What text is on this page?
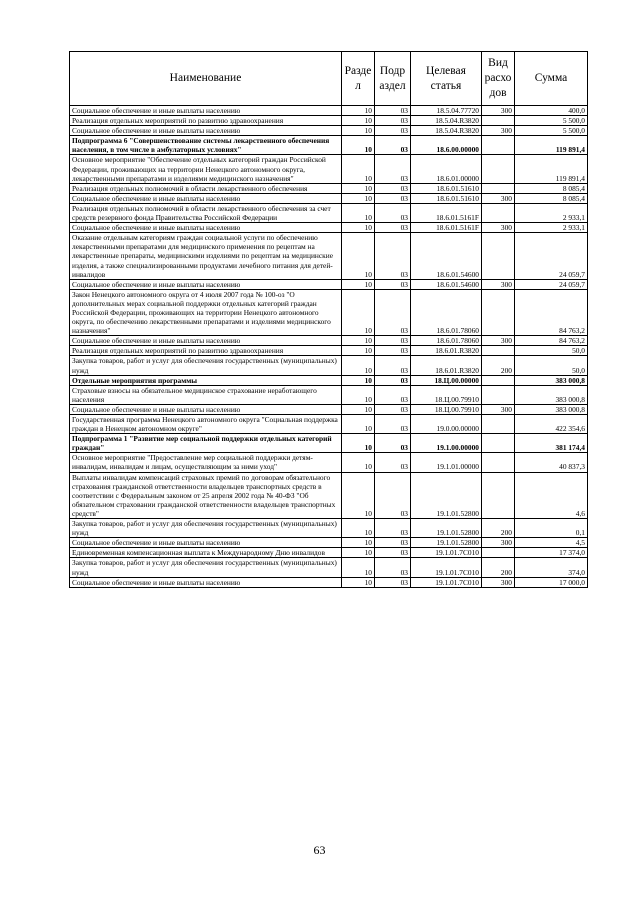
Наименование	Разде л	Подр аздел	Целевая статья	Вид расхо дов	Сумма
Социальное обеспечение и иные выплаты населению	10	03	18.5.04.77720	300	400,0
Реализация отдельных мероприятий по развитию здравоохранения	10	03	18.5.04.R3820		5 500,0
Социальное обеспечение и иные выплаты населению	10	03	18.5.04.R3820	300	5 500,0
Подпрограмма 6 "Совершенствование системы лекарственного обеспечения населения, в том числе в амбулаторных условиях"	10	03	18.6.00.00000		119 891,4
Основное мероприятие "Обеспечение отдельных категорий граждан Российской Федерации, проживающих на территории Ненецкого автономного округа, лекарственными препаратами и изделиями медицинского назначения"	10	03	18.6.01.00000		119 891,4
Реализация отдельных полномочий в области лекарственного обеспечения	10	03	18.6.01.51610		8 085,4
Социальное обеспечение и иные выплаты населению	10	03	18.6.01.51610	300	8 085,4
Реализация отдельных полномочий в области лекарственного обеспечения за счет средств резервного фонда Правительства Российской Федерации	10	03	18.6.01.5161F		2 933,1
Социальное обеспечение и иные выплаты населению	10	03	18.6.01.5161F	300	2 933,1
Оказание отдельным категориям граждан социальной услуги по обеспечению лекарственными препаратами для медицинского применения по рецептам на лекарственные препараты, медицинскими изделиями по рецептам на медицинские изделия, а также специализированными продуктами лечебного питания для детей-инвалидов	10	03	18.6.01.54600		24 059,7
Социальное обеспечение и иные выплаты населению	10	03	18.6.01.54600	300	24 059,7
Закон Ненецкого автономного округа от 4 июля 2007 года № 100-оз "О дополнительных мерах социальной поддержки отдельных категорий граждан Российской Федерации, проживающих на территории Ненецкого автономного округа, по обеспечению лекарственными препаратами и изделиями медицинского назначения"	10	03	18.6.01.78060		84 763,2
Социальное обеспечение и иные выплаты населению	10	03	18.6.01.78060	300	84 763,2
Реализация отдельных мероприятий по развитию здравоохранения	10	03	18.6.01.R3820		50,0
Закупка товаров, работ и услуг для обеспечения государственных (муниципальных) нужд	10	03	18.6.01.R3820	200	50,0
Отдельные мероприятия программы	10	03	18.Ц.00.00000		383 000,8
Страховые взносы на обязательное медицинское страхование неработающего населения	10	03	18.Ц.00.79910		383 000,8
Социальное обеспечение и иные выплаты населению	10	03	18.Ц.00.79910	300	383 000,8
Государственная программа Ненецкого автономного округа "Социальная поддержка граждан в Ненецком автономном округе"	10	03	19.0.00.00000		422 354,6
Подпрограмма 1 "Развитие мер социальной поддержки отдельных категорий граждан"	10	03	19.1.00.00000		381 174,4
Основное мероприятие "Предоставление мер социальной поддержки детям-инвалидам, инвалидам и лицам, осуществляющим за ними уход"	10	03	19.1.01.00000		40 837,3
Выплаты инвалидам компенсаций страховых премий по договорам обязательного страхования гражданской ответственности владельцев транспортных средств в соответствии с Федеральным законом от 25 апреля 2002 года № 40-ФЗ "Об обязательном страховании гражданской ответственности владельцев транспортных средств"	10	03	19.1.01.52800		4,6
Закупка товаров, работ и услуг для обеспечения государственных (муниципальных) нужд	10	03	19.1.01.52800	200	0,1
Социальное обеспечение и иные выплаты населению	10	03	19.1.01.52800	300	4,5
Единовременная компенсационная выплата к Международному Дню инвалидов	10	03	19.1.01.7С010		17 374,0
Закупка товаров, работ и услуг для обеспечения государственных (муниципальных) нужд	10	03	19.1.01.7С010	200	374,0
Социальное обеспечение и иные выплаты населению	10	03	19.1.01.7С010	300	17 000,0
63
